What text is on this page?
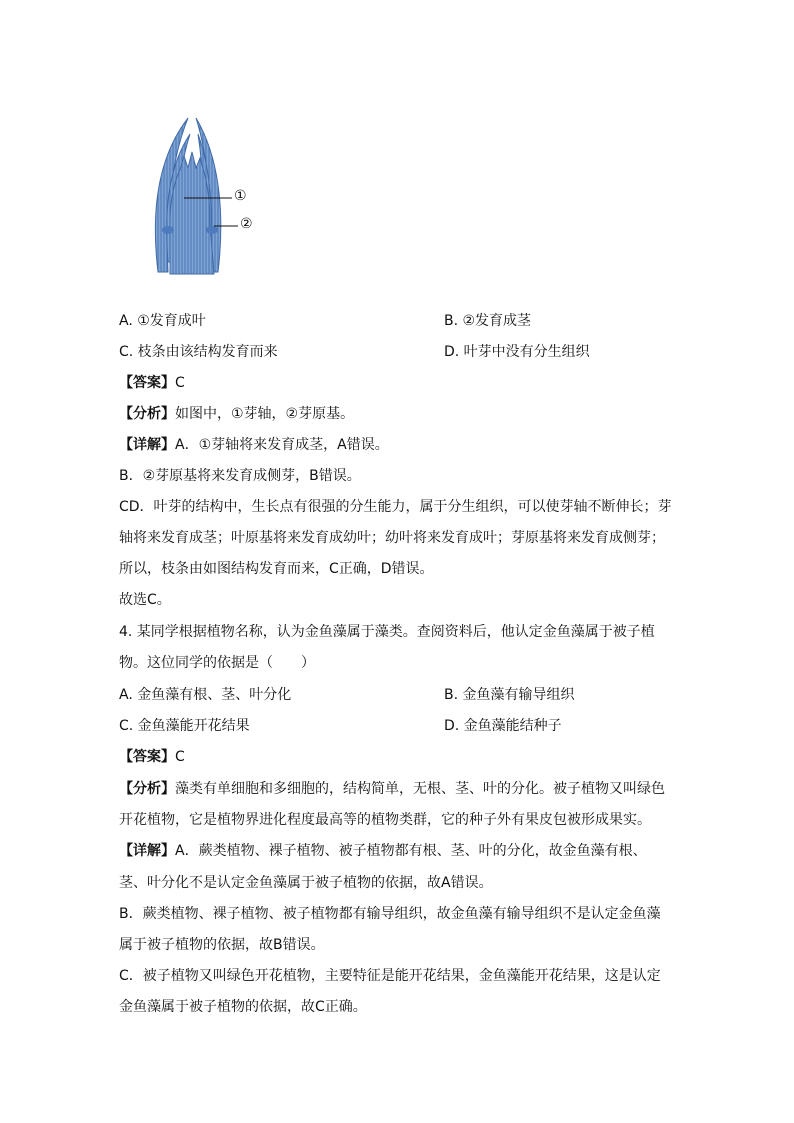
①
②
A. ①发育成叶	B. ②发育成茎
C. 枝条由该结构发育而来	D. 叶芽中没有分生组织
【答案】C
【分析】如图中，①芽轴，②芽原基。
【详解】A．①芽轴将来发育成茎，A错误。
B．②芽原基将来发育成侧芽，B错误。
CD．叶芽的结构中，生长点有很强的分生能力，属于分生组织，可以使芽轴不断伸长；芽
轴将来发育成茎；叶原基将来发育成幼叶；幼叶将来发育成叶；芽原基将来发育成侧芽；
所以，枝条由如图结构发育而来，C正确，D错误。
故选C。
4. 某同学根据植物名称，认为金鱼藻属于藻类。查阅资料后，他认定金鱼藻属于被子植
物。这位同学的依据是（　　）
A. 金鱼藻有根、茎、叶分化	B. 金鱼藻有输导组织
C. 金鱼藻能开花结果	D. 金鱼藻能结种子
【答案】C
【分析】藻类有单细胞和多细胞的，结构简单，无根、茎、叶的分化。被子植物又叫绿色
开花植物，它是植物界进化程度最高等的植物类群，它的种子外有果皮包被形成果实。
【详解】A．蕨类植物、裸子植物、被子植物都有根、茎、叶的分化，故金鱼藻有根、
茎、叶分化不是认定金鱼藻属于被子植物的依据，故A错误。
B．蕨类植物、裸子植物、被子植物都有输导组织，故金鱼藻有输导组织不是认定金鱼藻
属于被子植物的依据，故B错误。
C．被子植物又叫绿色开花植物，主要特征是能开花结果，金鱼藻能开花结果，这是认定
金鱼藻属于被子植物的依据，故C正确。
